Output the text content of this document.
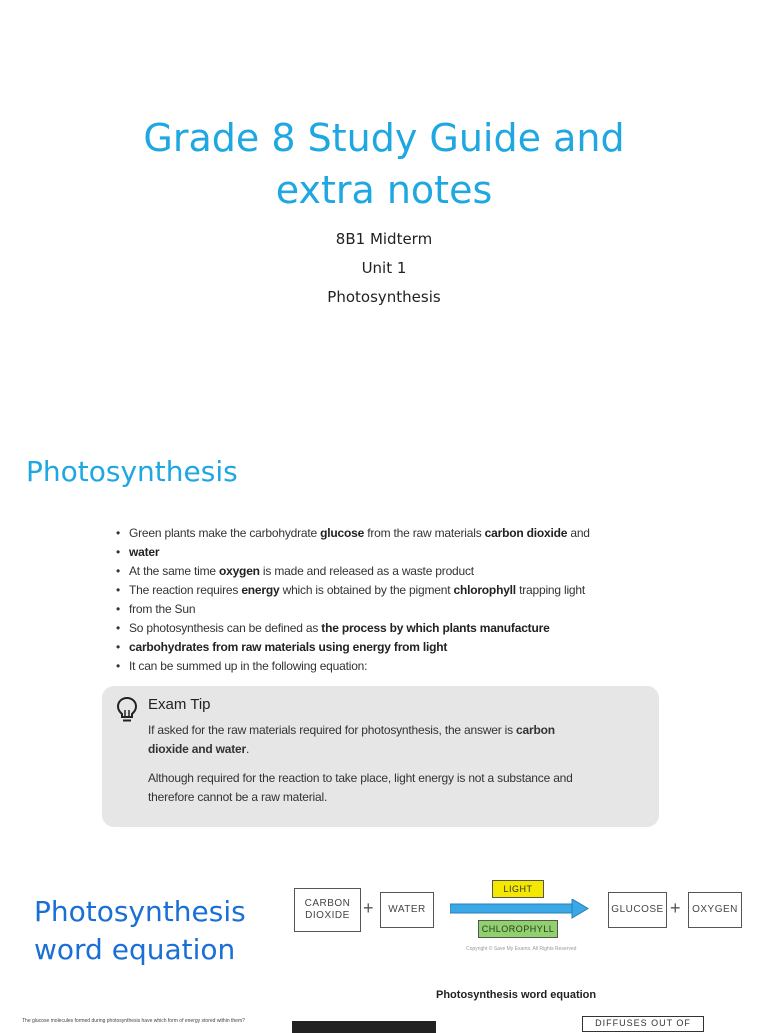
Grade 8 Study Guide and
extra notes
8B1 Midterm
Unit 1
Photosynthesis
Photosynthesis
• Green plants make the carbohydrate glucose from the raw materials carbon dioxide and
• water
• At the same time oxygen is made and released as a waste product
• The reaction requires energy which is obtained by the pigment chlorophyll trapping light
• from the Sun
• So photosynthesis can be defined as the process by which plants manufacture
• carbohydrates from raw materials using energy from light
• It can be summed up in the following equation:
Exam Tip
If asked for the raw materials required for photosynthesis, the answer is carbon
dioxide and water.
Although required for the reaction to take place, light energy is not a substance and
therefore cannot be a raw material.
Photosynthesis
word equation
CARBON
DIOXIDE +	WATER
LIGHT
CHLOROPHYLL
Copyright © Save My Exams. All Rights Reserved
GLUCOSE +	OXYGEN
Photosynthesis word equation
The glucose molecules formed during photosynthesis have which form of energy stored within them?	DIFFUSES OUT OF
